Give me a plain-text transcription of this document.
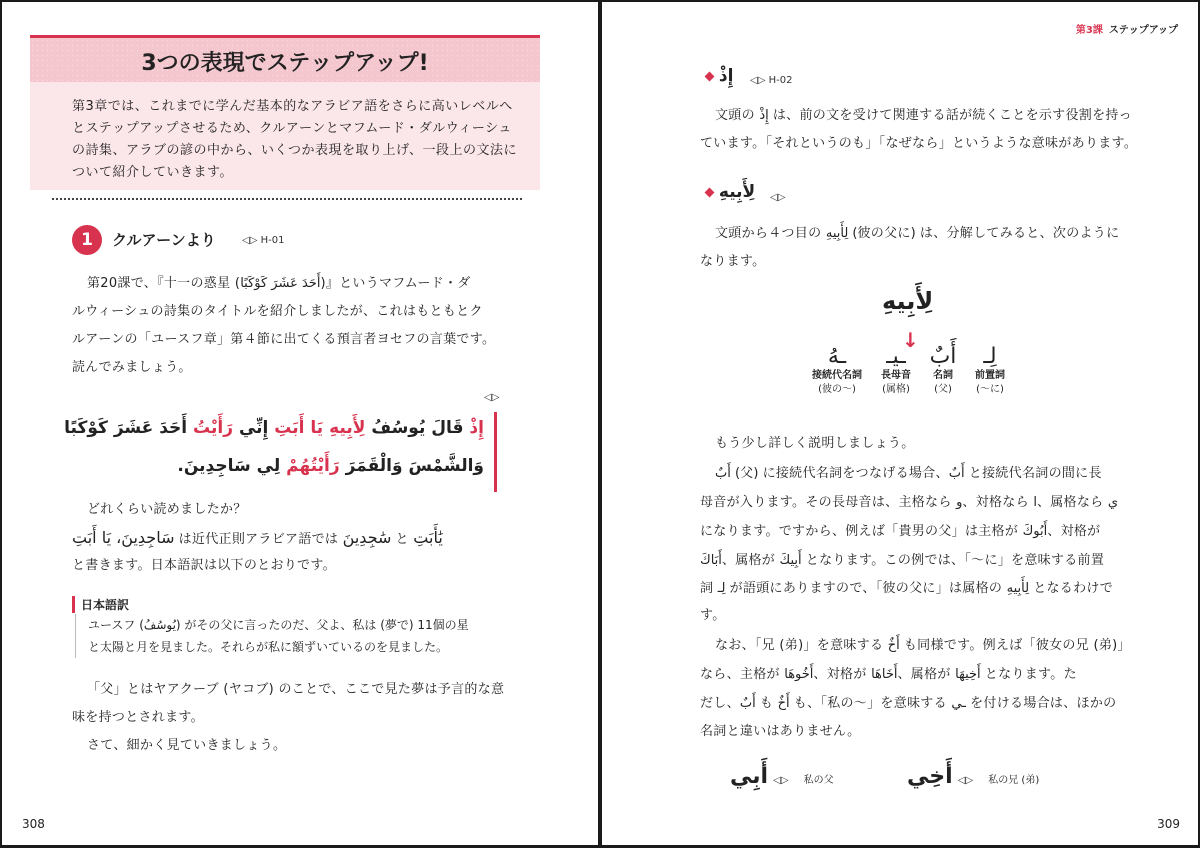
3つの表現でステップアップ!
第3章では、これまでに学んだ基本的なアラビア語をさらに高いレベルへとステップアップさせるため、クルアーンとマフムード・ダルウィーシュの詩集、アラブの諺の中から、いくつか表現を取り上げ、一段上の文法について紹介していきます。
1	クルアーンより	◁▷ H-01
第20課で、『十一の惑星 (أَحَدَ عَشَرَ كَوْكَبًا)』というマフムード・ダ
ルウィーシュの詩集のタイトルを紹介しましたが、これはもともとク
ルアーンの「ユースフ章」第４節に出てくる預言者ヨセフの言葉です。
読んでみましょう。
◁▷
إِذْ قَالَ يُوسُفُ لِأَبِيهِ يَا أَبَتِ إِنِّي رَأَيْتُ أَحَدَ عَشَرَ كَوْكَبًا
وَالشَّمْسَ وَالْقَمَرَ رَأَيْتُهُمْ لِي سَاجِدِينَ.
どれくらい読めましたか？
سَاجِدِينَ، يَا أَبَتِ は近代正則アラビア語では سَٰجِدِينَ と يَٰأَبَتِ
と書きます。日本語訳は以下のとおりです。
日本語訳
ユースフ (يُوسُفُ) がその父に言ったのだ、父よ、私は (夢で) 11個の星
と太陽と月を見ました。それらが私に額ずいているのを見ました。
「父」とはヤアクーブ (ヤコブ) のことで、ここで見た夢は予言的な意
味を持つとされます。
さて、細かく見ていきましょう。
308
第3課 ステップアップ
إِذْ ◁▷ H-02
文頭の إِذْ は、前の文を受けて関連する話が続くことを示す役割を持っ
ています。「それというのも」「なぜなら」というような意味があります。
لِأَبِيهِ ◁▷
文頭から４つ目の لِأَبِيهِ (彼の父に) は、分解してみると、次のように
なります。
لِأَبِيهِ
↓
ـهُ
接続代名詞
(彼の〜)
ـيـ
長母音
(属格)
أَبٌ
名詞
(父)
لِـ
前置詞
(〜に)
もう少し詳しく説明しましょう。
أَبٌ (父) に接続代名詞をつなげる場合、أَبٌ と接続代名詞の間に長
母音が入ります。その長母音は、主格なら و、対格なら ا、属格なら ي
になります。ですから、例えば「貴男の父」は主格が أَبُوكَ、対格が
أَبَاكَ、属格が أَبِيكَ となります。この例では、「〜に」を意味する前置
詞 لِـ が語頭にありますので、「彼の父に」は属格の لِأَبِيهِ となるわけで
す。
なお、「兄 (弟)」を意味する أَخٌ も同様です。例えば「彼女の兄 (弟)」
なら、主格が أَخُوهَا、対格が أَخَاهَا、属格が أَخِيهَا となります。た
だし、أَبٌ も أَخٌ も、「私の〜」を意味する ـي を付ける場合は、ほかの
名詞と違いはありません。
أَبِي ◁▷ 私の父	أَخِي ◁▷ 私の兄 (弟)
309
